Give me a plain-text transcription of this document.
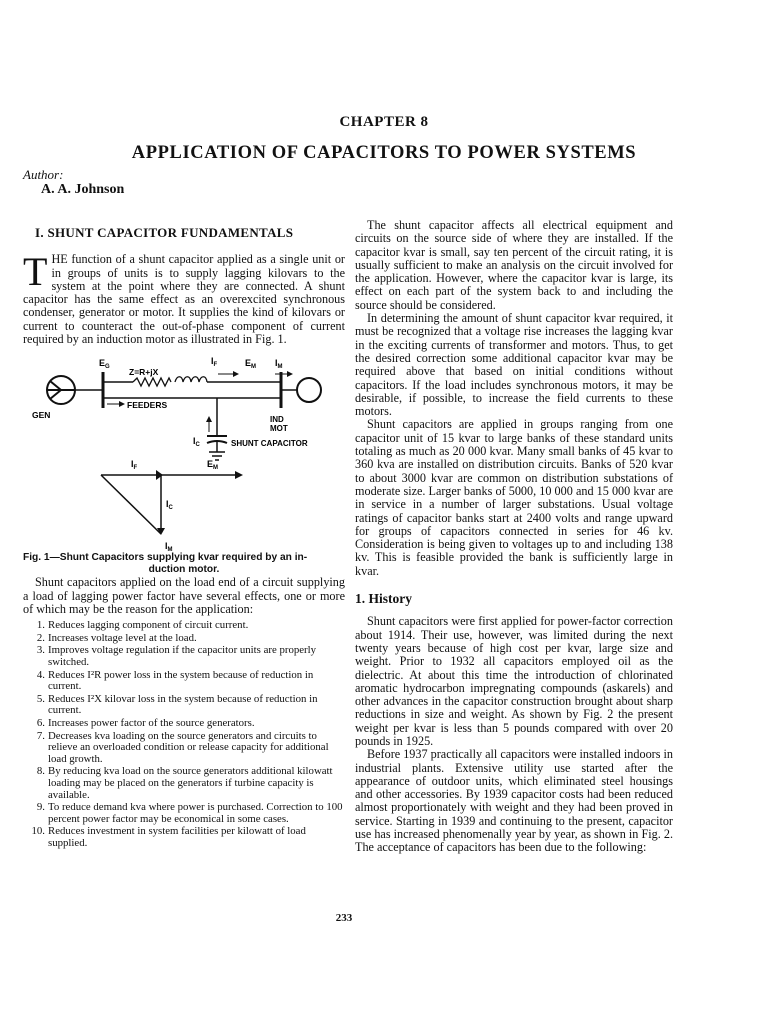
CHAPTER 8
APPLICATION OF CAPACITORS TO POWER SYSTEMS
Author:
A. A. Johnson
I. SHUNT CAPACITOR FUNDAMENTALS

THE function of a shunt capacitor applied as a single unit or in groups of units is to supply lagging kilovars to the system at the point where they are connected. A shunt capacitor has the same effect as an overexcited synchronous condenser, generator or motor. It supplies the kind of kilovars or current to counteract the out-of-phase component of current required by an induction motor as illustrated in Fig. 1.

GEN
$E_G$ Z=R+jX
$I_F$
FEEDERS
$E_M$ $I_M$
IND
MOT
$I_C$	SHUNT CAPACITOR
$I_F$	$E_M$
$I_C$
$I_M$

Fig. 1—Shunt Capacitors supplying kvar required by an in-
duction motor.

Shunt capacitors applied on the load end of a circuit supplying a load of lagging power factor have several effects, one or more of which may be the reason for the application:

1. Reduces lagging component of circuit current.
2. Increases voltage level at the load.
3. Improves voltage regulation if the capacitor units are properly switched.
4. Reduces I²R power loss in the system because of reduction in current.
5. Reduces I²X kilovar loss in the system because of reduction in current.
6. Increases power factor of the source generators.
7. Decreases kva loading on the source generators and circuits to relieve an overloaded condition or release capacity for additional load growth.
8. By reducing kva load on the source generators additional kilowatt loading may be placed on the generators if turbine capacity is available.
9. To reduce demand kva where power is purchased. Correction to 100 percent power factor may be economical in some cases.
10. Reduces investment in system facilities per kilowatt of load supplied.

The shunt capacitor affects all electrical equipment and circuits on the source side of where they are installed. If the capacitor kvar is small, say ten percent of the circuit rating, it is usually sufficient to make an analysis on the circuit involved for the application. However, where the capacitor kvar is large, its effect on each part of the system back to and including the source should be considered.

In determining the amount of shunt capacitor kvar required, it must be recognized that a voltage rise increases the lagging kvar in the exciting currents of transformer and motors. Thus, to get the desired correction some additional capacitor kvar may be required above that based on initial conditions without capacitors. If the load includes synchronous motors, it may be desirable, if possible, to increase the field currents to these motors.

Shunt capacitors are applied in groups ranging from one capacitor unit of 15 kvar to large banks of these standard units totaling as much as 20 000 kvar. Many small banks of 45 kvar to 360 kva are installed on distribution circuits. Banks of 520 kvar to about 3000 kvar are common on distribution substations of moderate size. Larger banks of 5000, 10 000 and 15 000 kvar are in service in a number of larger substations. Usual voltage ratings of capacitor banks start at 2400 volts and range upward for groups of capacitors connected in series for 46 kv. Consideration is being given to voltages up to and including 138 kv. This is feasible provided the bank is sufficiently large in kvar.

1. History

Shunt capacitors were first applied for power-factor correction about 1914. Their use, however, was limited during the next twenty years because of high cost per kvar, large size and weight. Prior to 1932 all capacitors employed oil as the dielectric. At about this time the introduction of chlorinated aromatic hydrocarbon impregnating compounds (askarels) and other advances in the capacitor construction brought about sharp reductions in size and weight. As shown by Fig. 2 the present weight per kvar is less than 5 pounds compared with over 20 pounds in 1925.

Before 1937 practically all capacitors were installed indoors in industrial plants. Extensive utility use started after the appearance of outdoor units, which eliminated steel housings and other accessories. By 1939 capacitor costs had been reduced almost proportionately with weight and they had been proved in service. Starting in 1939 and continuing to the present, capacitor use has increased phenomenally year by year, as shown in Fig. 2. The acceptance of capacitors has been due to the following:

233
